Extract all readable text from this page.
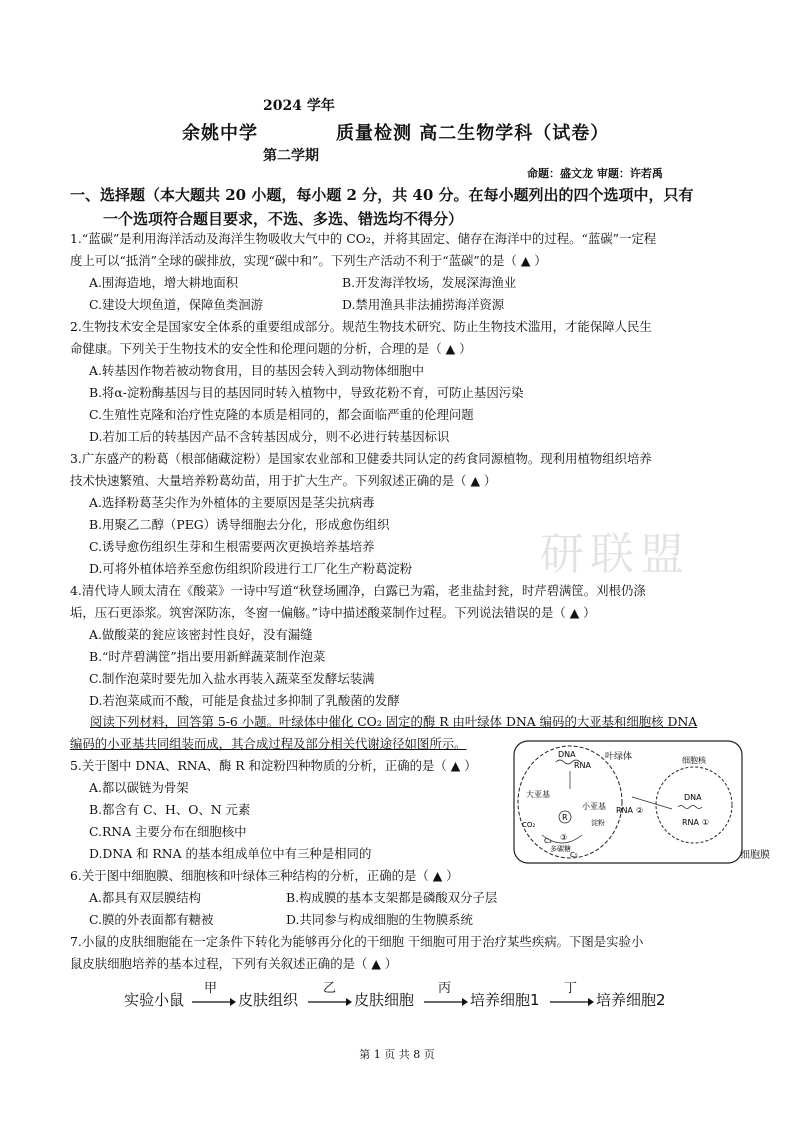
研联盟
2024 学年
余姚中学	质量检测 高二生物学科（试卷）
第二学期
命题：盛文龙 审题：许若禹
一、选择题（本大题共 20 小题，每小题 2 分，共 40 分。在每小题列出的四个选项中，只有
一个选项符合题目要求，不选、多选、错选均不得分）
1.“蓝碳”是利用海洋活动及海洋生物吸收大气中的 CO₂，并将其固定、储存在海洋中的过程。“蓝碳”一定程
度上可以“抵消”全球的碳排放，实现“碳中和”。下列生产活动不利于“蓝碳”的是（ ▲ ）
A.围海造地，增大耕地面积	B.开发海洋牧场，发展深海渔业
C.建设大坝鱼道，保障鱼类洄游	D.禁用渔具非法捕捞海洋资源
2.生物技术安全是国家安全体系的重要组成部分。规范生物技术研究、防止生物技术滥用，才能保障人民生
命健康。下列关于生物技术的安全性和伦理问题的分析，合理的是（ ▲ ）
A.转基因作物若被动物食用，目的基因会转入到动物体细胞中
B.将α-淀粉酶基因与目的基因同时转入植物中，导致花粉不育，可防止基因污染
C.生殖性克隆和治疗性克隆的本质是相同的，都会面临严重的伦理问题
D.若加工后的转基因产品不含转基因成分，则不必进行转基因标识
3.广东盛产的粉葛（根部储藏淀粉）是国家农业部和卫健委共同认定的药食同源植物。现利用植物组织培养
技术快速繁殖、大量培养粉葛幼苗，用于扩大生产。下列叙述正确的是（ ▲ ）
A.选择粉葛茎尖作为外植体的主要原因是茎尖抗病毒
B.用聚乙二醇（PEG）诱导细胞去分化，形成愈伤组织
C.诱导愈伤组织生芽和生根需要两次更换培养基培养
D.可将外植体培养至愈伤组织阶段进行工厂化生产粉葛淀粉
4.清代诗人顾太清在《酸菜》一诗中写道“秋登场圃净，白露已为霜，老韭盐封瓮，时芹碧满筐。刈根仍涤
垢，压石更添浆。筑窖深防冻，冬窗一偏觞。”诗中描述酸菜制作过程。下列说法错误的是（ ▲ ）
A.做酸菜的瓮应该密封性良好，没有漏缝
B.“时芹碧满筐”指出要用新鲜蔬菜制作泡菜
C.制作泡菜时要先加入盐水再装入蔬菜至发酵坛装满
D.若泡菜咸而不酸，可能是食盐过多抑制了乳酸菌的发酵
阅读下列材料，回答第 5-6 小题。叶绿体中催化 CO₂ 固定的酶 R 由叶绿体 DNA 编码的大亚基和细胞核 DNA
编码的小亚基共同组装而成，其合成过程及部分相关代谢途径如图所示。
5.关于图中 DNA、RNA、酶 R 和淀粉四种物质的分析，正确的是（ ▲ ）
A.都以碳链为骨架
B.都含有 C、H、O、N 元素
C.RNA 主要分布在细胞核中
D.DNA 和 RNA 的基本组成单位中有三种是相同的
6.关于图中细胞膜、细胞核和叶绿体三种结构的分析，正确的是（ ▲ ）
A.都具有双层膜结构	B.构成膜的基本支架都是磷酸双分子层
C.膜的外表面都有糖被	D.共同参与构成细胞的生物膜系统
7.小鼠的皮肤细胞能在一定条件下转化为能够再分化的干细胞 干细胞可用于治疗某些疾病。下图是实验小
鼠皮肤细胞培养的基本过程，下列有关叙述正确的是（ ▲ ）
叶绿体	细胞核
DNA
RNA
大亚基
小亚基
R
淀粉
多碳糖
CO₂
C₃
C₅
③
DNA
RNA ①
RNA ②
细胞膜
实验小鼠
甲
皮肤组织
乙
皮肤细胞
丙
培养细胞1
丁
培养细胞2
第 1 页 共 8 页
